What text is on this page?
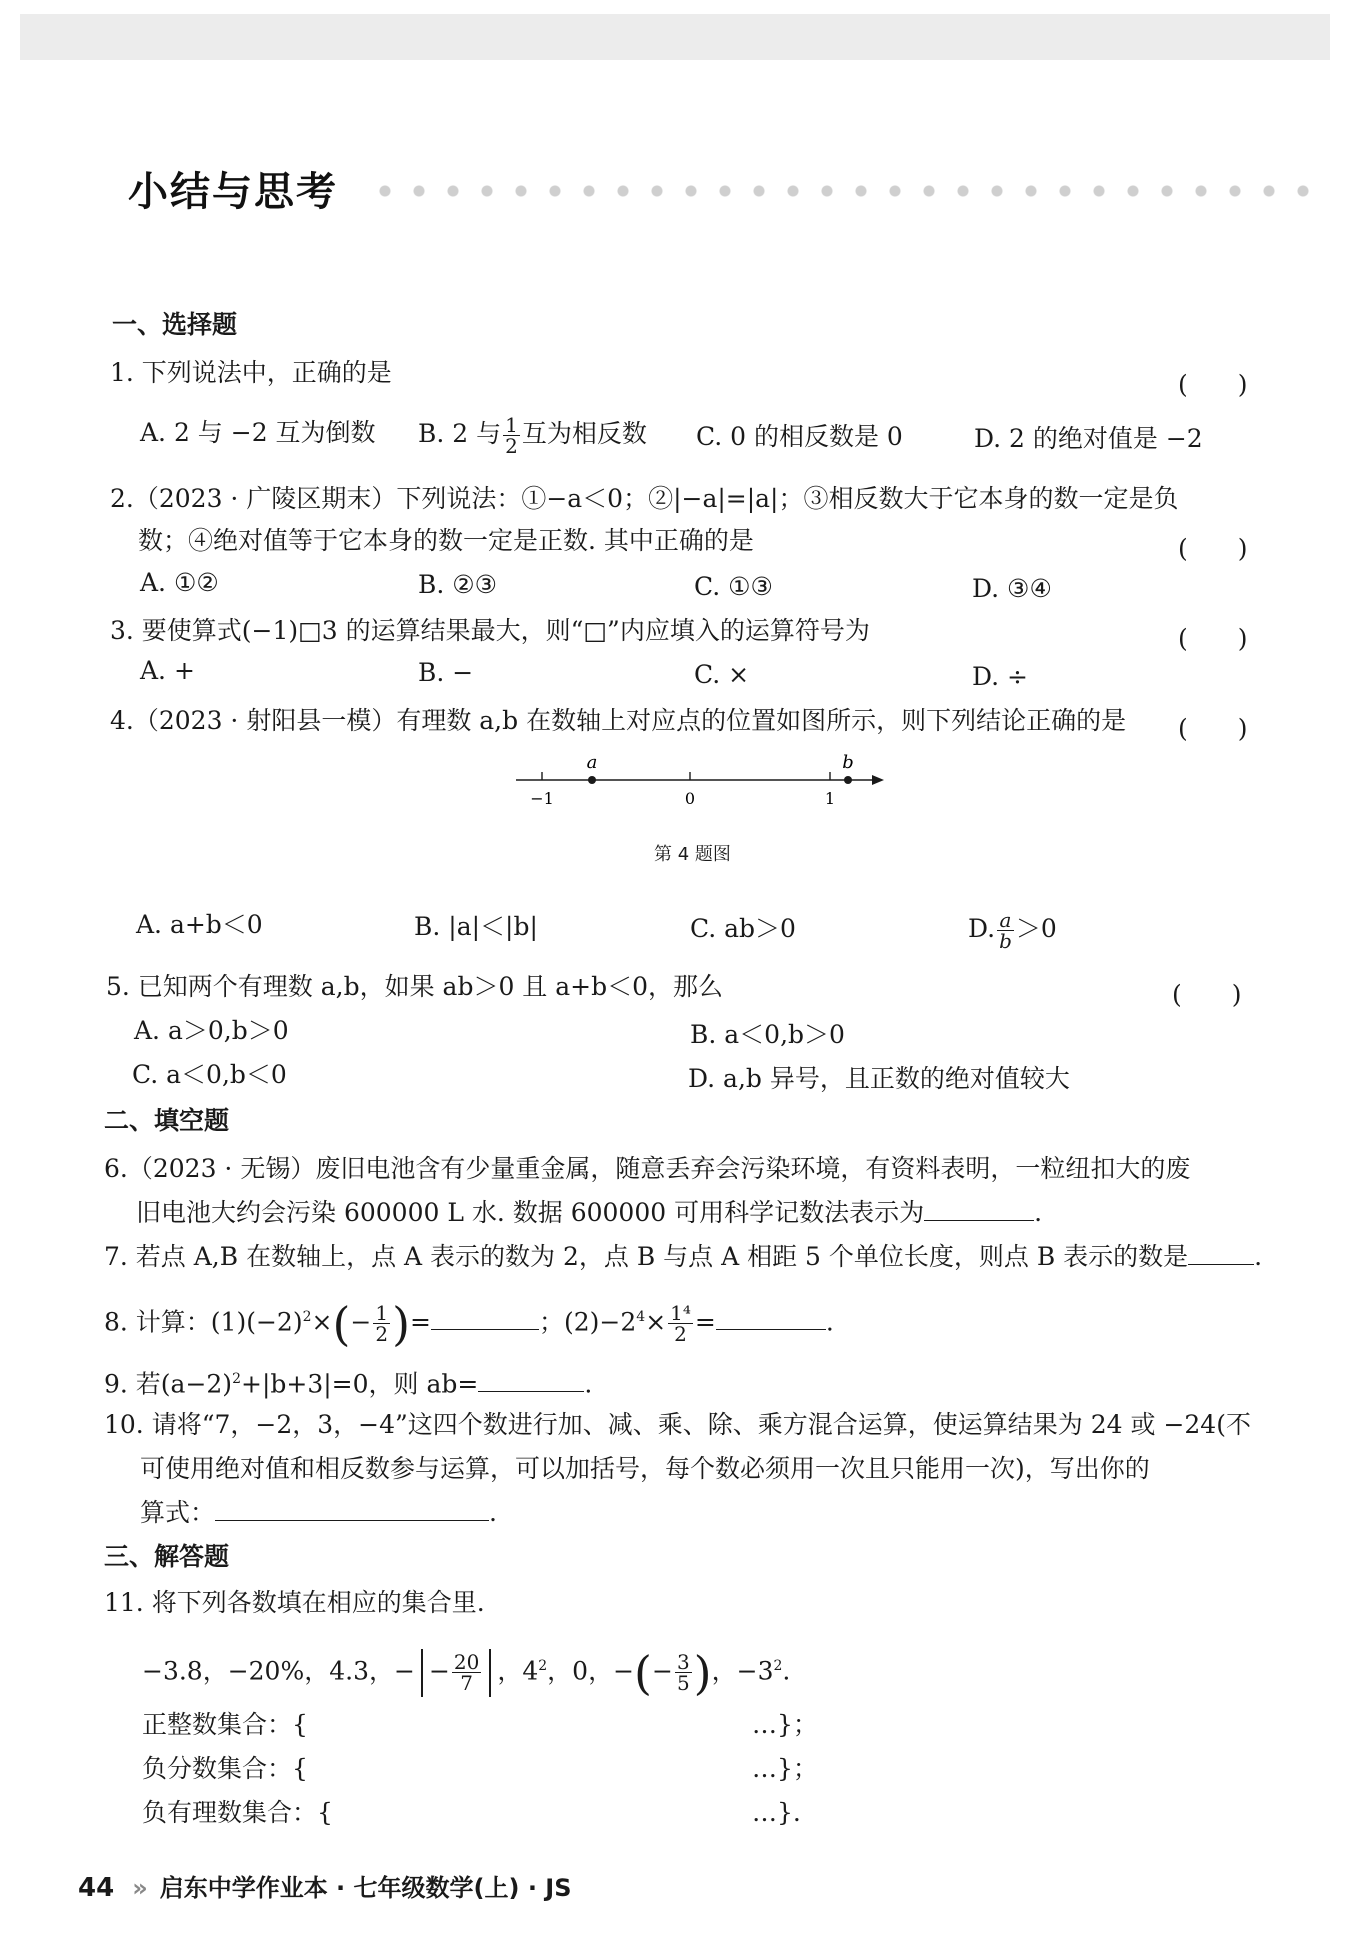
小结与思考
一、选择题
1. 下列说法中，正确的是	(　　)
A. 2 与 −2 互为倒数 B. 2 与 $\frac{1}{2}$ 互为相反数 C. 0 的相反数是 0	D. 2 的绝对值是 −2
2.（2023 · 广陵区期末）下列说法：①−a＜0；②|−a|=|a|；③相反数大于它本身的数一定是负
数；④绝对值等于它本身的数一定是正数. 其中正确的是	(　　)
A. ①②	B. ②③	C. ①③	D. ③④
3. 要使算式(−1)□3 的运算结果最大，则“□”内应填入的运算符号为	(　　)
A. +	B. −	C. ×	D. ÷
4.（2023 · 射阳县一模）有理数 a,b 在数轴上对应点的位置如图所示，则下列结论正确的是 (　　)
a	b
−1	0	1
第 4 题图
A. a+b＜0	B. |a|＜|b|	C. ab＞0	D. $\frac{a}{b} >0$
5. 已知两个有理数 a,b，如果 ab＞0 且 a+b＜0，那么	(　　)
A. a＞0,b＞0	B. a＜0,b＞0
C. a＜0,b＜0	D. a,b 异号，且正数的绝对值较大
二、填空题
6.（2023 · 无锡）废旧电池含有少量重金属，随意丢弃会污染环境，有资料表明，一粒纽扣大的废
旧电池大约会污染 600000 L 水. 数据 600000 可用科学记数法表示为	.
7. 若点 A,B 在数轴上，点 A 表示的数为 2，点 B 与点 A 相距 5 个单位长度，则点 B 表示的数是	.
8. 计算：$(1)(-2)^2\times(- \frac{1}{2}$ )=	；$(2)-2^4\times \frac{\text{1⁴}}{2}$ =	.
9. 若$(a-2)^2+|b+3|=0$，则 ab=	.
10. 请将“7，−2，3，−4”这四个数进行加、减、乘、除、乘方混合运算，使运算结果为 24 或 −24(不
可使用绝对值和相反数参与运算，可以加括号，每个数必须用一次且只能用一次)，写出你的
算式：	.
三、解答题
11. 将下列各数填在相应的集合里.
−3.8，−20%，4.3，− − $\frac{20}{7}$ ，$4^2$，0，−(− $\frac{3}{5}$ )，$-3^2$.
正整数集合：{	…}；
负分数集合：{	…}；
负有理数集合：{	…}.
44 » 启东中学作业本 · 七年级数学(上) · JS
